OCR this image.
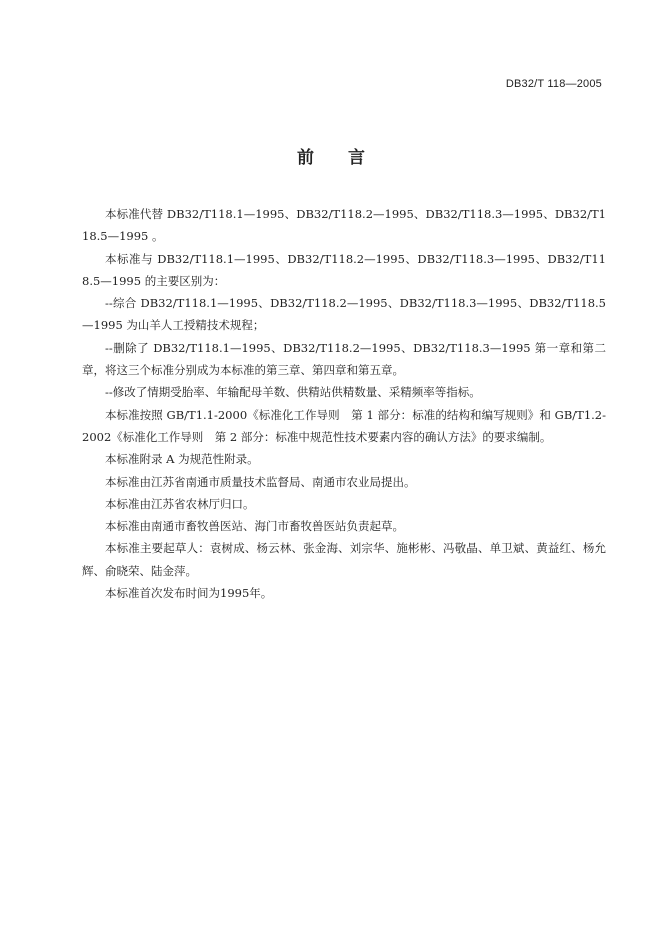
DB32/T 118—2005
前言

本标准代替 DB32/T118.1—1995、DB32/T118.2—1995、DB32/T118.3—1995、DB32/T118.5—1995 。

本标准与 DB32/T118.1—1995、DB32/T118.2—1995、DB32/T118.3—1995、DB32/T118.5—1995 的主要区别为：

--综合 DB32/T118.1—1995、DB32/T118.2—1995、DB32/T118.3—1995、DB32/T118.5—1995 为山羊人工授精技术规程；

--删除了 DB32/T118.1—1995、DB32/T118.2—1995、DB32/T118.3—1995 第一章和第二章，将这三个标准分别成为本标准的第三章、第四章和第五章。

--修改了情期受胎率、年输配母羊数、供精站供精数量、采精频率等指标。

本标准按照 GB/T1.1-2000《标准化工作导则　第 1 部分：标准的结构和编写规则》和 GB/T1.2-2002《标准化工作导则　第 2 部分：标准中规范性技术要素内容的确认方法》的要求编制。

本标准附录 A 为规范性附录。

本标准由江苏省南通市质量技术监督局、南通市农业局提出。

本标准由江苏省农林厅归口。

本标准由南通市畜牧兽医站、海门市畜牧兽医站负责起草。

本标准主要起草人：袁树成、杨云林、张金海、刘宗华、施彬彬、冯敬晶、单卫斌、黄益红、杨允辉、俞晓荣、陆金萍。

本标准首次发布时间为1995年。
